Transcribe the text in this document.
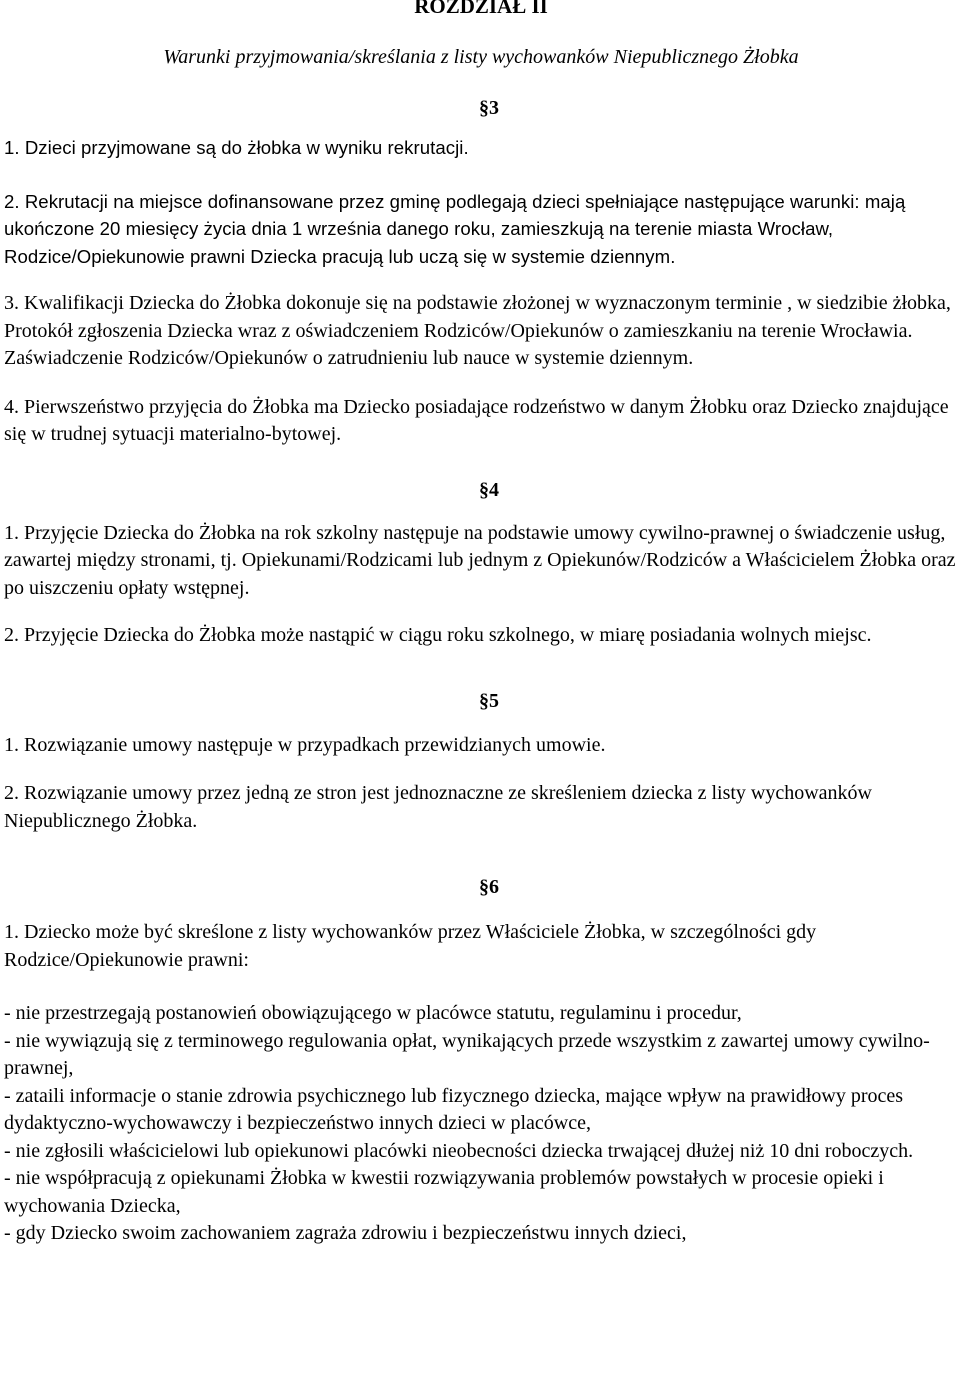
ROZDZIAŁ II

Warunki przyjmowania/skreślania z listy wychowanków Niepublicznego Żłobka

§3

1. Dzieci przyjmowane są do żłobka w wyniku rekrutacji.

2. Rekrutacji na miejsce dofinansowane przez gminę podlegają dzieci spełniające następujące warunki: mają ukończone 20 miesięcy życia dnia 1 września danego roku, zamieszkują na terenie miasta Wrocław, Rodzice/Opiekunowie prawni Dziecka pracują lub uczą się w systemie dziennym.

3. Kwalifikacji Dziecka do Żłobka dokonuje się na podstawie złożonej w wyznaczonym terminie , w siedzibie żłobka, Protokół zgłoszenia Dziecka wraz z oświadczeniem Rodziców/Opiekunów o zamieszkaniu na terenie Wrocławia. Zaświadczenie Rodziców/Opiekunów o zatrudnieniu lub nauce w systemie dziennym.

4. Pierwszeństwo przyjęcia do Żłobka ma Dziecko posiadające rodzeństwo w danym Żłobku oraz Dziecko znajdujące się w trudnej sytuacji materialno-bytowej.

§4

1. Przyjęcie Dziecka do Żłobka na rok szkolny następuje na podstawie umowy cywilno-prawnej o świadczenie usług, zawartej między stronami, tj. Opiekunami/Rodzicami lub jednym z Opiekunów/Rodziców a Właścicielem Żłobka oraz po uiszczeniu opłaty wstępnej.

2. Przyjęcie Dziecka do Żłobka może nastąpić w ciągu roku szkolnego, w miarę posiadania wolnych miejsc.

§5

1. Rozwiązanie umowy następuje w przypadkach przewidzianych umowie.

2. Rozwiązanie umowy przez jedną ze stron jest jednoznaczne ze skreśleniem dziecka z listy wychowanków Niepublicznego Żłobka.

§6

1. Dziecko może być skreślone z listy wychowanków przez Właściciele Żłobka, w szczególności gdy Rodzice/Opiekunowie prawni:

- nie przestrzegają postanowień obowiązującego w placówce statutu, regulaminu i procedur,

- nie wywiązują się z terminowego regulowania opłat, wynikających przede wszystkim z zawartej umowy cywilno-prawnej,

- zatail​i informacje o stanie zdrowia psychicznego lub fizycznego dziecka, mające wpływ na prawidłowy proces dydaktyczno-wychowawczy i bezpieczeństwo innych dzieci w placówce,

- nie zgłosili właścicielowi lub opiekunowi placówki nieobecności dziecka trwającej dłużej niż 10 dni roboczych.

- nie współpracują z opiekunami Żłobka w kwestii rozwiązywania problemów powstałych w procesie opieki i wychowania Dziecka,

- gdy Dziecko swoim zachowaniem zagraża zdrowiu i bezpieczeństwu innych dzieci,
